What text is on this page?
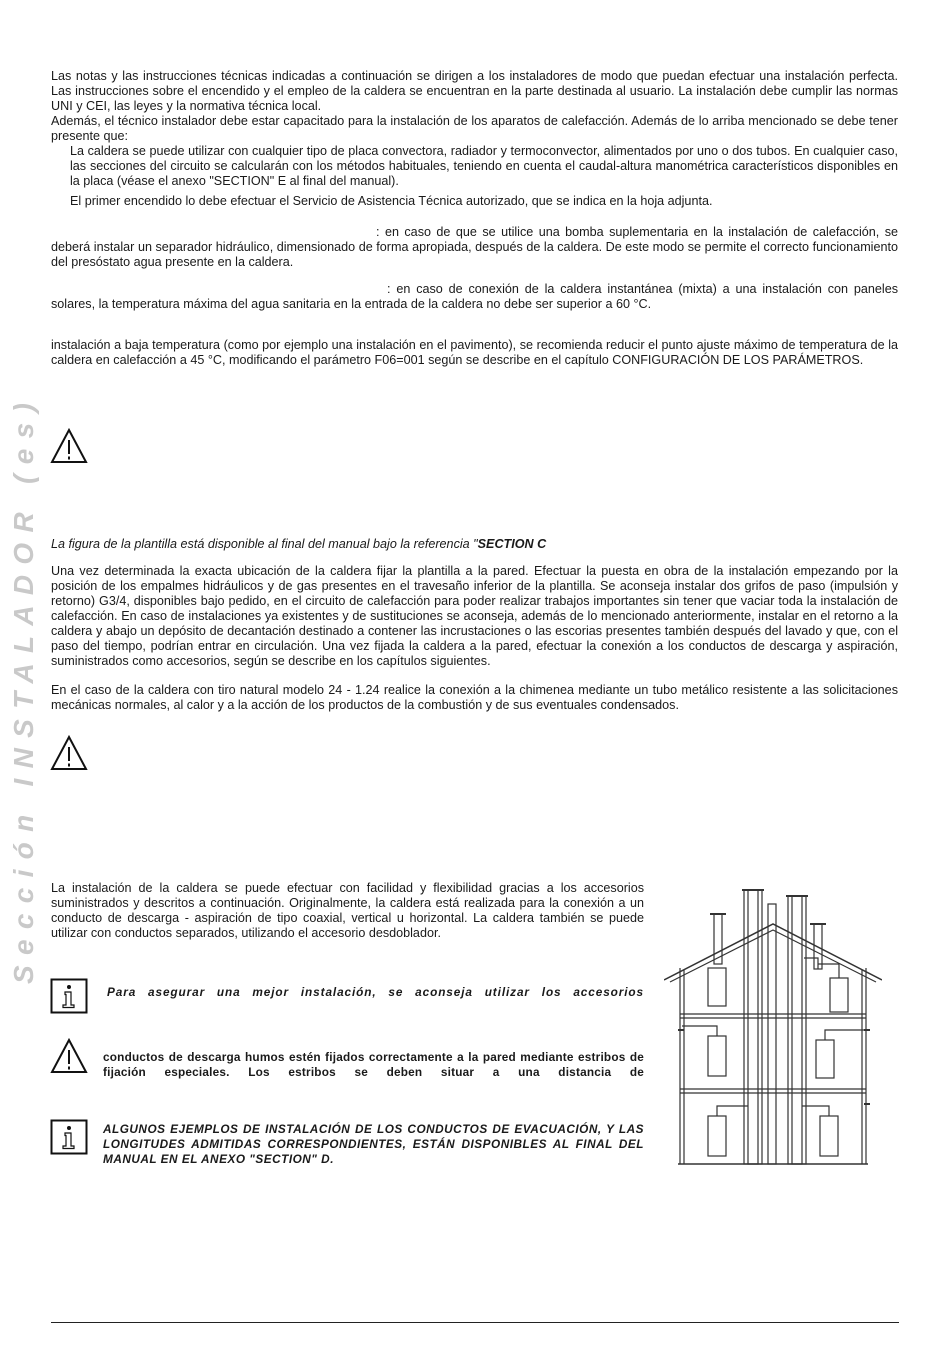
Sección INSTALADOR (es)

Las notas y las instrucciones técnicas indicadas a continuación se dirigen a los instaladores de modo que puedan efectuar una instalación perfecta. Las instrucciones sobre el encendido y el empleo de la caldera se encuentran en la parte destinada al usuario. La instalación debe cumplir las normas UNI y CEI, las leyes y la normativa técnica local.

Además, el técnico instalador debe estar capacitado para la instalación de los aparatos de calefacción. Además de lo arriba mencionado se debe tener presente que:

La caldera se puede utilizar con cualquier tipo de placa convectora, radiador y termoconvector, alimentados por uno o dos tubos. En cualquier caso, las secciones del circuito se calcularán con los métodos habituales, teniendo en cuenta el caudal-altura manométrica característicos disponibles en la placa (véase el anexo "SECTION" E al final del manual).

El primer encendido lo debe efectuar el Servicio de Asistencia Técnica autorizado, que se indica en la hoja adjunta.

: en caso de que se utilice una bomba suplementaria en la instalación de calefacción, se deberá instalar un separador hidráulico, dimensionado de forma apropiada, después de la caldera. De este modo se permite el correcto funcionamiento del presóstato agua presente en la caldera.

: en caso de conexión de la caldera instantánea (mixta) a una instalación con paneles solares, la temperatura máxima del agua sanitaria en la entrada de la caldera no debe ser superior a 60 °C.

instalación a baja temperatura (como por ejemplo una instalación en el pavimento), se recomienda reducir el punto ajuste máximo de temperatura de la caldera en calefacción a 45 °C, modificando el parámetro F06=001 según se describe en el capítulo CONFIGURACIÓN DE LOS PARÁMETROS.

La figura de la plantilla está disponible al final del manual bajo la referencia "SECTION C

Una vez determinada la exacta ubicación de la caldera fijar la plantilla a la pared. Efectuar la puesta en obra de la instalación empezando por la posición de los empalmes hidráulicos y de gas presentes en el travesaño inferior de la plantilla. Se aconseja instalar dos grifos de paso (impulsión y retorno) G3/4, disponibles bajo pedido, en el circuito de calefacción para poder realizar trabajos importantes sin tener que vaciar toda la instalación de calefacción. En caso de instalaciones ya existentes y de sustituciones se aconseja, además de lo mencionado anteriormente, instalar en el retorno a la caldera y abajo un depósito de decantación destinado a contener las incrustaciones o las escorias presentes también después del lavado y que, con el paso del tiempo, podrían entrar en circulación. Una vez fijada la caldera a la pared, efectuar la conexión a los conductos de descarga y aspiración, suministrados como accesorios, según se describe en los capítulos siguientes.

En el caso de la caldera con tiro natural modelo 24 - 1.24 realice la conexión a la chimenea mediante un tubo metálico resistente a las solicitaciones mecánicas normales, al calor y a la acción de los productos de la combustión y de sus eventuales condensados.

La instalación de la caldera se puede efectuar con facilidad y flexibilidad gracias a los accesorios suministrados y descritos a continuación. Originalmente, la caldera está realizada para la conexión a un conducto de descarga - aspiración de tipo coaxial, vertical u horizontal. La caldera también se puede utilizar con conductos separados, utilizando el accesorio desdoblador.

Para asegurar una mejor instalación, se aconseja utilizar los accesorios

conductos de descarga humos estén fijados correctamente a la pared mediante estribos de fijación especiales. Los estribos se deben situar a una distancia de

ALGUNOS EJEMPLOS DE INSTALACIÓN DE LOS CONDUCTOS DE EVACUACIÓN, Y LAS LONGITUDES ADMITIDAS CORRESPONDIENTES, ESTÁN DISPONIBLES AL FINAL DEL MANUAL EN EL ANEXO "SECTION" D.
